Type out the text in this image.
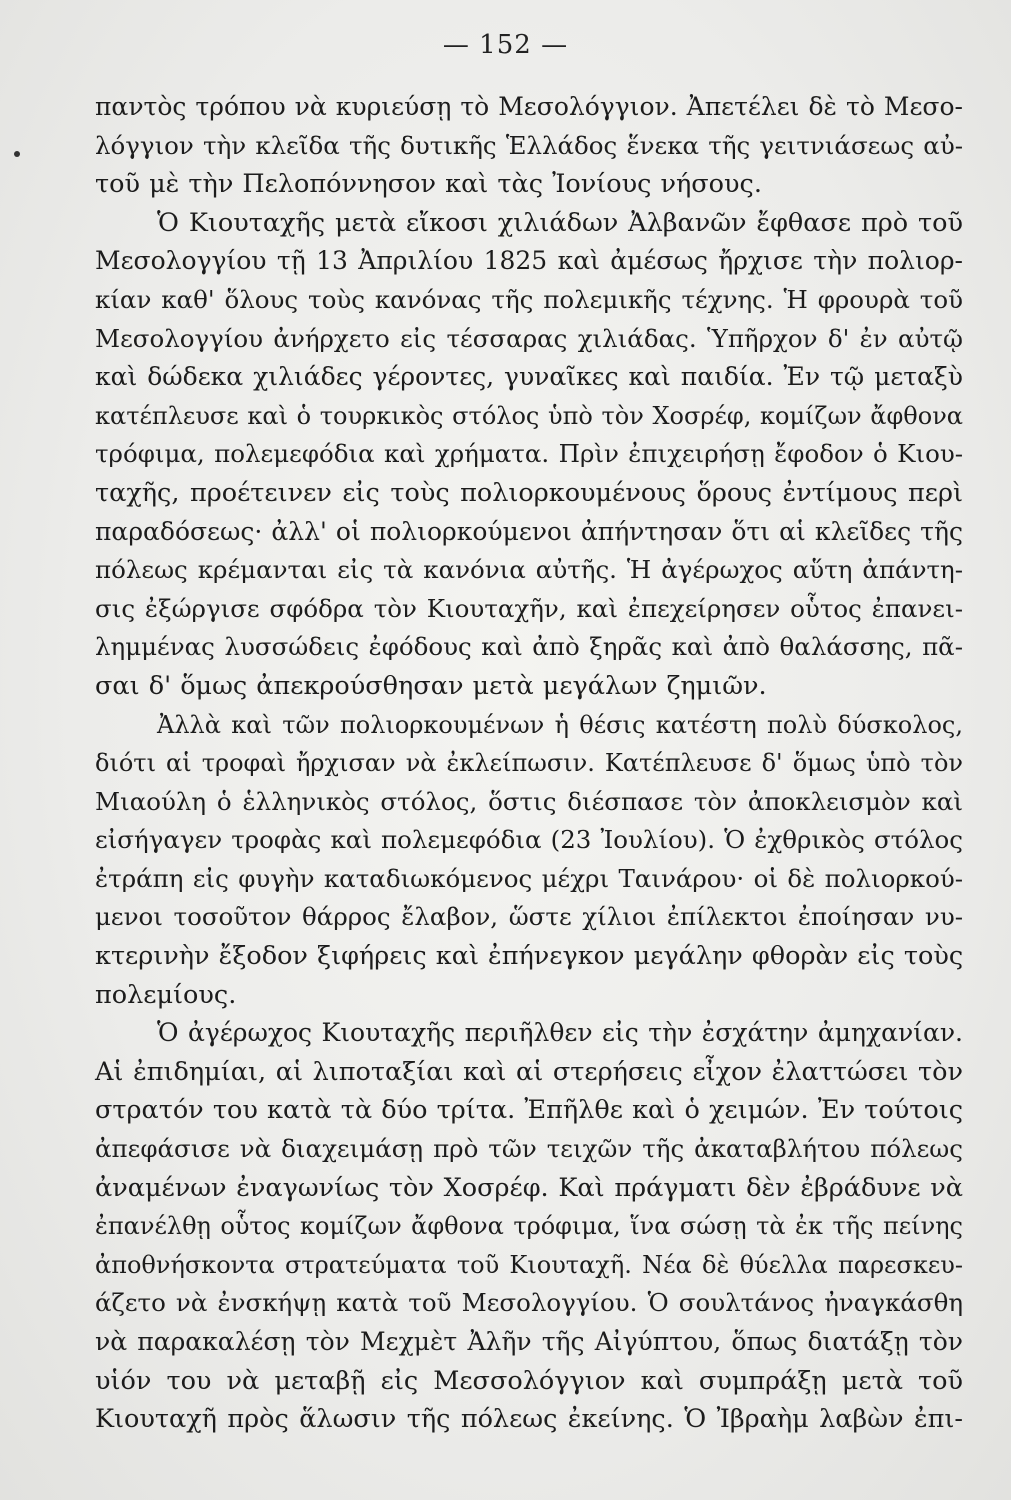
— 152 —
παντὸς τρόπου νὰ κυριεύσῃ τὸ Μεσολόγγιον. Ἀπετέλει δὲ τὸ Μεσο-
λόγγιον τὴν κλεῖδα τῆς δυτικῆς Ἑλλάδος ἕνεκα τῆς γειτνιάσεως αὐ-
τοῦ μὲ τὴν Πελοπόννησον καὶ τὰς Ἰονίους νήσους.
Ὁ Κιουταχῆς μετὰ εἴκοσι χιλιάδων Ἀλβανῶν ἔφθασε πρὸ τοῦ
Μεσολογγίου τῇ 13 Ἀπριλίου 1825 καὶ ἀμέσως ἤρχισε τὴν πολιορ-
κίαν καθ' ὅλους τοὺς κανόνας τῆς πολεμικῆς τέχνης. Ἡ φρουρὰ τοῦ
Μεσολογγίου ἀνήρχετο εἰς τέσσαρας χιλιάδας. Ὑπῆρχον δ' ἐν αὐτῷ
καὶ δώδεκα χιλιάδες γέροντες, γυναῖκες καὶ παιδία. Ἐν τῷ μεταξὺ
κατέπλευσε καὶ ὁ τουρκικὸς στόλος ὑπὸ τὸν Χοσρέφ, κομίζων ἄφθονα
τρόφιμα, πολεμεφόδια καὶ χρήματα. Πρὶν ἐπιχειρήσῃ ἔφοδον ὁ Κιου-
ταχῆς, προέτεινεν εἰς τοὺς πολιορκουμένους ὅρους ἐντίμους περὶ
παραδόσεως· ἀλλ' οἱ πολιορκούμενοι ἀπήντησαν ὅτι αἱ κλεῖδες τῆς
πόλεως κρέμανται εἰς τὰ κανόνια αὐτῆς. Ἡ ἀγέρωχος αὕτη ἀπάντη-
σις ἐξώργισε σφόδρα τὸν Κιουταχῆν, καὶ ἐπεχείρησεν οὗτος ἐπανει-
λημμένας λυσσώδεις ἐφόδους καὶ ἀπὸ ξηρᾶς καὶ ἀπὸ θαλάσσης, πᾶ-
σαι δ' ὅμως ἀπεκρούσθησαν μετὰ μεγάλων ζημιῶν.
Ἀλλὰ καὶ τῶν πολιορκουμένων ἡ θέσις κατέστη πολὺ δύσκολος,
διότι αἱ τροφαὶ ἤρχισαν νὰ ἐκλείπωσιν. Κατέπλευσε δ' ὅμως ὑπὸ τὸν
Μιαούλη ὁ ἑλληνικὸς στόλος, ὅστις διέσπασε τὸν ἀποκλεισμὸν καὶ
εἰσήγαγεν τροφὰς καὶ πολεμεφόδια (23 Ἰουλίου). Ὁ ἐχθρικὸς στόλος
ἐτράπη εἰς φυγὴν καταδιωκόμενος μέχρι Ταινάρου· οἱ δὲ πολιορκού-
μενοι τοσοῦτον θάρρος ἔλαβον, ὥστε χίλιοι ἐπίλεκτοι ἐποίησαν νυ-
κτερινὴν ἔξοδον ξιφήρεις καὶ ἐπήνεγκον μεγάλην φθορὰν εἰς τοὺς
πολεμίους.
Ὁ ἀγέρωχος Κιουταχῆς περιῆλθεν εἰς τὴν ἐσχάτην ἀμηχανίαν.
Αἱ ἐπιδημίαι, αἱ λιποταξίαι καὶ αἱ στερήσεις εἶχον ἐλαττώσει τὸν
στρατόν του κατὰ τὰ δύο τρίτα. Ἐπῆλθε καὶ ὁ χειμών. Ἐν τούτοις
ἀπεφάσισε νὰ διαχειμάσῃ πρὸ τῶν τειχῶν τῆς ἀκαταβλήτου πόλεως
ἀναμένων ἐναγωνίως τὸν Χοσρέφ. Καὶ πράγματι δὲν ἐβράδυνε νὰ
ἐπανέλθῃ οὗτος κομίζων ἄφθονα τρόφιμα, ἵνα σώσῃ τὰ ἐκ τῆς πείνης
ἀποθνήσκοντα στρατεύματα τοῦ Κιουταχῆ. Νέα δὲ θύελλα παρεσκευ-
άζετο νὰ ἐνσκήψῃ κατὰ τοῦ Μεσολογγίου. Ὁ σουλτάνος ἠναγκάσθη
νὰ παρακαλέσῃ τὸν Μεχμὲτ Ἀλῆν τῆς Αἰγύπτου, ὅπως διατάξῃ τὸν
υἱόν του νὰ μεταβῇ εἰς Μεσσολόγγιον καὶ συμπράξῃ μετὰ τοῦ
Κιουταχῆ πρὸς ἅλωσιν τῆς πόλεως ἐκείνης. Ὁ Ἰβραὴμ λαβὼν ἐπι-
